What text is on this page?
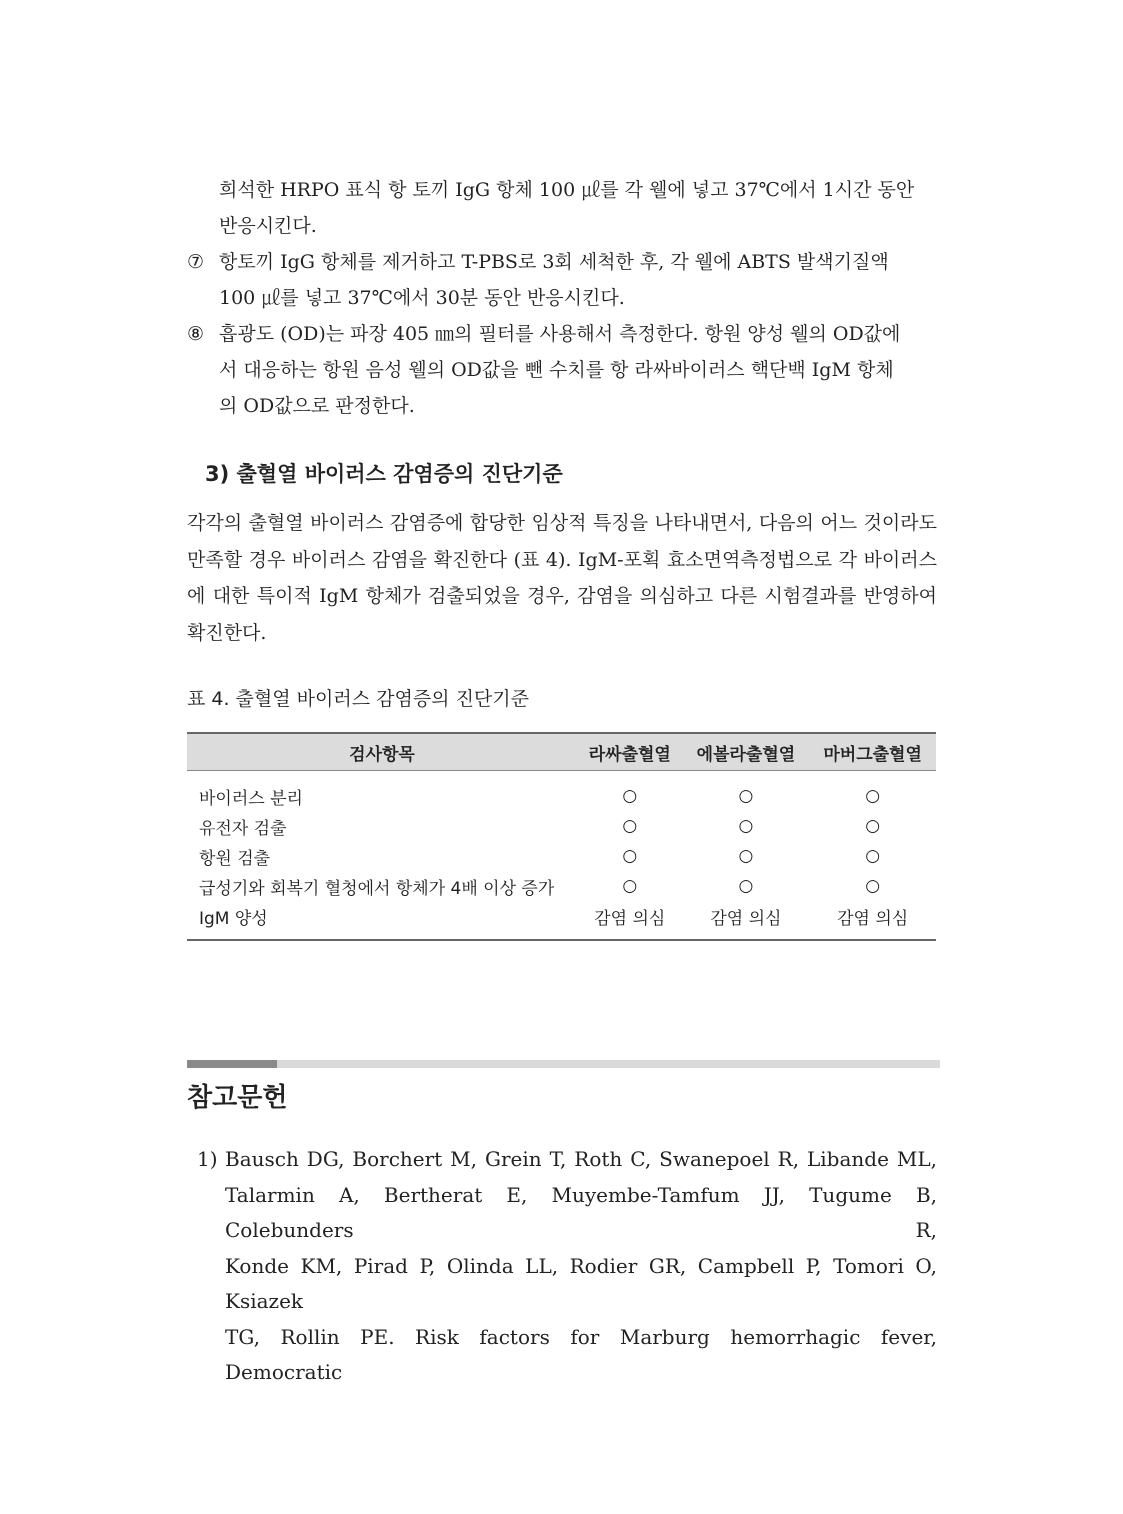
희석한 HRPO 표식 항 토끼 IgG 항체 100 ㎕를 각 웰에 넣고 37℃에서 1시간 동안
반응시킨다.
⑦ 항토끼 IgG 항체를 제거하고 T-PBS로 3회 세척한 후, 각 웰에 ABTS 발색기질액
100 ㎕를 넣고 37℃에서 30분 동안 반응시킨다.
⑧ 흡광도 (OD)는 파장 405 ㎚의 필터를 사용해서 측정한다. 항원 양성 웰의 OD값에
서 대응하는 항원 음성 웰의 OD값을 뺀 수치를 항 라싸바이러스 핵단백 IgM 항체
의 OD값으로 판정한다.
3) 출혈열 바이러스 감염증의 진단기준

각각의 출혈열 바이러스 감염증에 합당한 임상적 특징을 나타내면서, 다음의 어느 것이라도 만족할 경우 바이러스 감염을 확진한다 (표 4). IgM-포획 효소면역측정법으로 각 바이러스에 대한 특이적 IgM 항체가 검출되었을 경우, 감염을 의심하고 다른 시험결과를 반영하여 확진한다.

표 4. 출혈열 바이러스 감염증의 진단기준

검사항목	라싸출혈열	에볼라출혈열	마버그출혈열
바이러스 분리	○	○	○
유전자 검출	○	○	○
항원 검출	○	○	○
급성기와 회복기 혈청에서 항체가 4배 이상 증가	○	○	○
IgM 양성	감염 의심	감염 의심	감염 의심
참고문헌
1) Bausch DG, Borchert M, Grein T, Roth C, Swanepoel R, Libande ML,
Talarmin A, Bertherat E, Muyembe-Tamfum JJ, Tugume B, Colebunders R,
Konde KM, Pirad P, Olinda LL, Rodier GR, Campbell P, Tomori O, Ksiazek
TG, Rollin PE. Risk factors for Marburg hemorrhagic fever, Democratic
